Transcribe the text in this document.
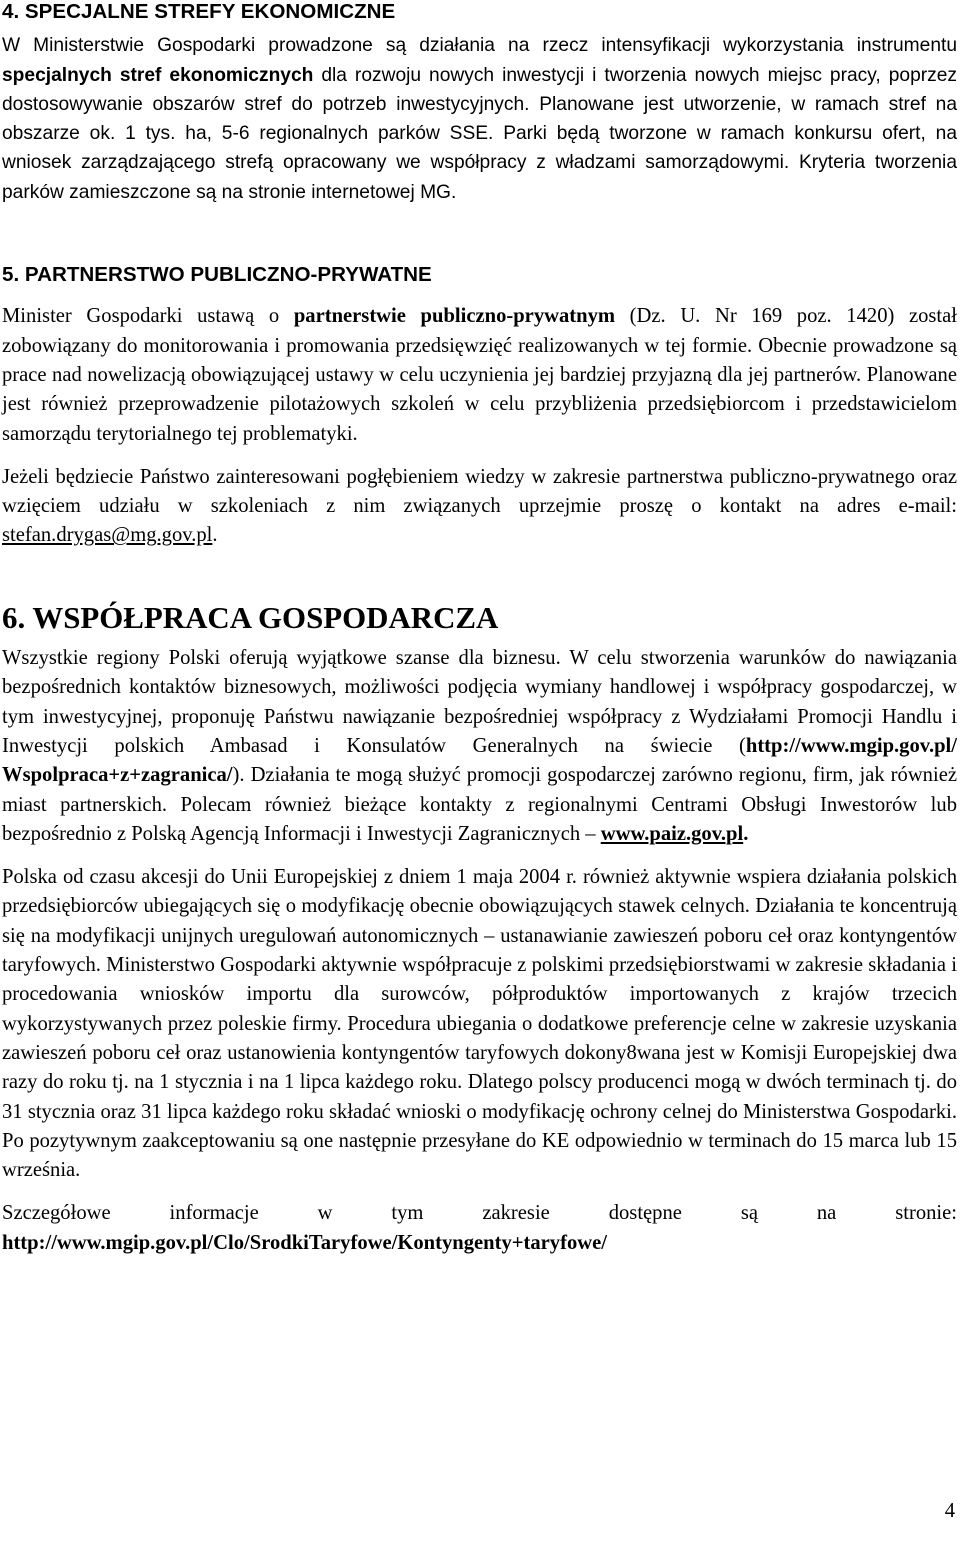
4. SPECJALNE STREFY EKONOMICZNE

W Ministerstwie Gospodarki prowadzone są działania na rzecz intensyfikacji wykorzystania instrumentu specjalnych stref ekonomicznych dla rozwoju nowych inwestycji i tworzenia nowych miejsc pracy, poprzez dostosowywanie obszarów stref do potrzeb inwestycyjnych. Planowane jest utworzenie, w ramach stref na obszarze ok. 1 tys. ha, 5-6 regionalnych parków SSE. Parki będą tworzone w ramach konkursu ofert, na wniosek zarządzającego strefą opracowany we współpracy z władzami samorządowymi. Kryteria tworzenia parków zamieszczone są na stronie internetowej MG.

5. PARTNERSTWO PUBLICZNO-PRYWATNE

Minister Gospodarki ustawą o partnerstwie publiczno-prywatnym (Dz. U. Nr 169 poz. 1420) został zobowiązany do monitorowania i promowania przedsięwzięć realizowanych w tej formie. Obecnie prowadzone są prace nad nowelizacją obowiązującej ustawy w celu uczynienia jej bardziej przyjazną dla jej partnerów. Planowane jest również przeprowadzenie pilotażowych szkoleń w celu przybliżenia przedsiębiorcom i przedstawicielom samorządu terytorialnego tej problematyki.

Jeżeli będziecie Państwo zainteresowani pogłębieniem wiedzy w zakresie partnerstwa publiczno-prywatnego oraz wzięciem udziału w szkoleniach z nim związanych uprzejmie proszę o kontakt na adres e-mail: stefan.drygas@mg.gov.pl.

6. WSPÓŁPRACA GOSPODARCZA

Wszystkie regiony Polski oferują wyjątkowe szanse dla biznesu. W celu stworzenia warunków do nawiązania bezpośrednich kontaktów biznesowych, możliwości podjęcia wymiany handlowej i współpracy gospodarczej, w tym inwestycyjnej, proponuję Państwu nawiązanie bezpośredniej współpracy z Wydziałami Promocji Handlu i Inwestycji polskich Ambasad i Konsulatów Generalnych na świecie (http://www.mgip.gov.pl/ Wspolpraca+z+zagranica/). Działania te mogą służyć promocji gospodarczej zarówno regionu, firm, jak również miast partnerskich. Polecam również bieżące kontakty z regionalnymi Centrami Obsługi Inwestorów lub bezpośrednio z Polską Agencją Informacji i Inwestycji Zagranicznych – www.paiz.gov.pl.

Polska od czasu akcesji do Unii Europejskiej z dniem 1 maja 2004 r. również aktywnie wspiera działania polskich przedsiębiorców ubiegających się o modyfikację obecnie obowiązujących stawek celnych. Działania te koncentrują się na modyfikacji unijnych uregulowań autonomicznych – ustanawianie zawieszeń poboru ceł oraz kontyngentów taryfowych. Ministerstwo Gospodarki aktywnie współpracuje z polskimi przedsiębiorstwami w zakresie składania i procedowania wniosków importu dla surowców, półproduktów importowanych z krajów trzecich wykorzystywanych przez poleskie firmy. Procedura ubiegania o dodatkowe preferencje celne w zakresie uzyskania zawieszeń poboru ceł oraz ustanowienia kontyngentów taryfowych dokony8wana jest w Komisji Europejskiej dwa razy do roku tj. na 1 stycznia i na 1 lipca każdego roku. Dlatego polscy producenci mogą w dwóch terminach tj. do 31 stycznia oraz 31 lipca każdego roku składać wnioski o modyfikację ochrony celnej do Ministerstwa Gospodarki. Po pozytywnym zaakceptowaniu są one następnie przesyłane do KE odpowiednio w terminach do 15 marca lub 15 września.

Szczegółowe informacje w tym zakresie dostępne są na stronie:

http://www.mgip.gov.pl/Clo/SrodkiTaryfowe/Kontyngenty+taryfowe/

4
